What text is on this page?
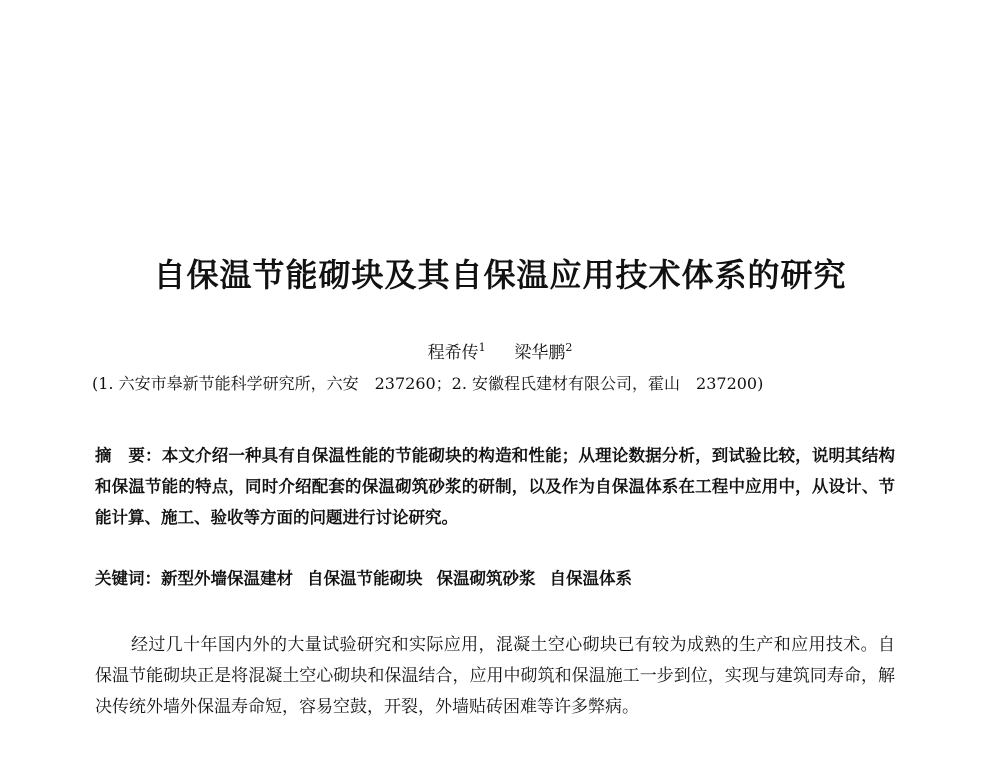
自保温节能砌块及其自保温应用技术体系的研究
程希传$^1$ 梁华鹏$^2$
(1. 六安市皋新节能科学研究所，六安　237260；2. 安徽程氏建材有限公司，霍山　237200)
摘　要：本文介绍一种具有自保温性能的节能砌块的构造和性能；从理论数据分析，到试验比较，说明其结构和保温节能的特点，同时介绍配套的保温砌筑砂浆的研制，以及作为自保温体系在工程中应用中，从设计、节能计算、施工、验收等方面的问题进行讨论研究。
关键词：新型外墙保温建材 自保温节能砌块 保温砌筑砂浆 自保温体系
经过几十年国内外的大量试验研究和实际应用，混凝土空心砌块已有较为成熟的生产和应用技术。自保温节能砌块正是将混凝土空心砌块和保温结合，应用中砌筑和保温施工一步到位，实现与建筑同寿命，解决传统外墙外保温寿命短，容易空鼓，开裂，外墙贴砖困难等许多弊病。
